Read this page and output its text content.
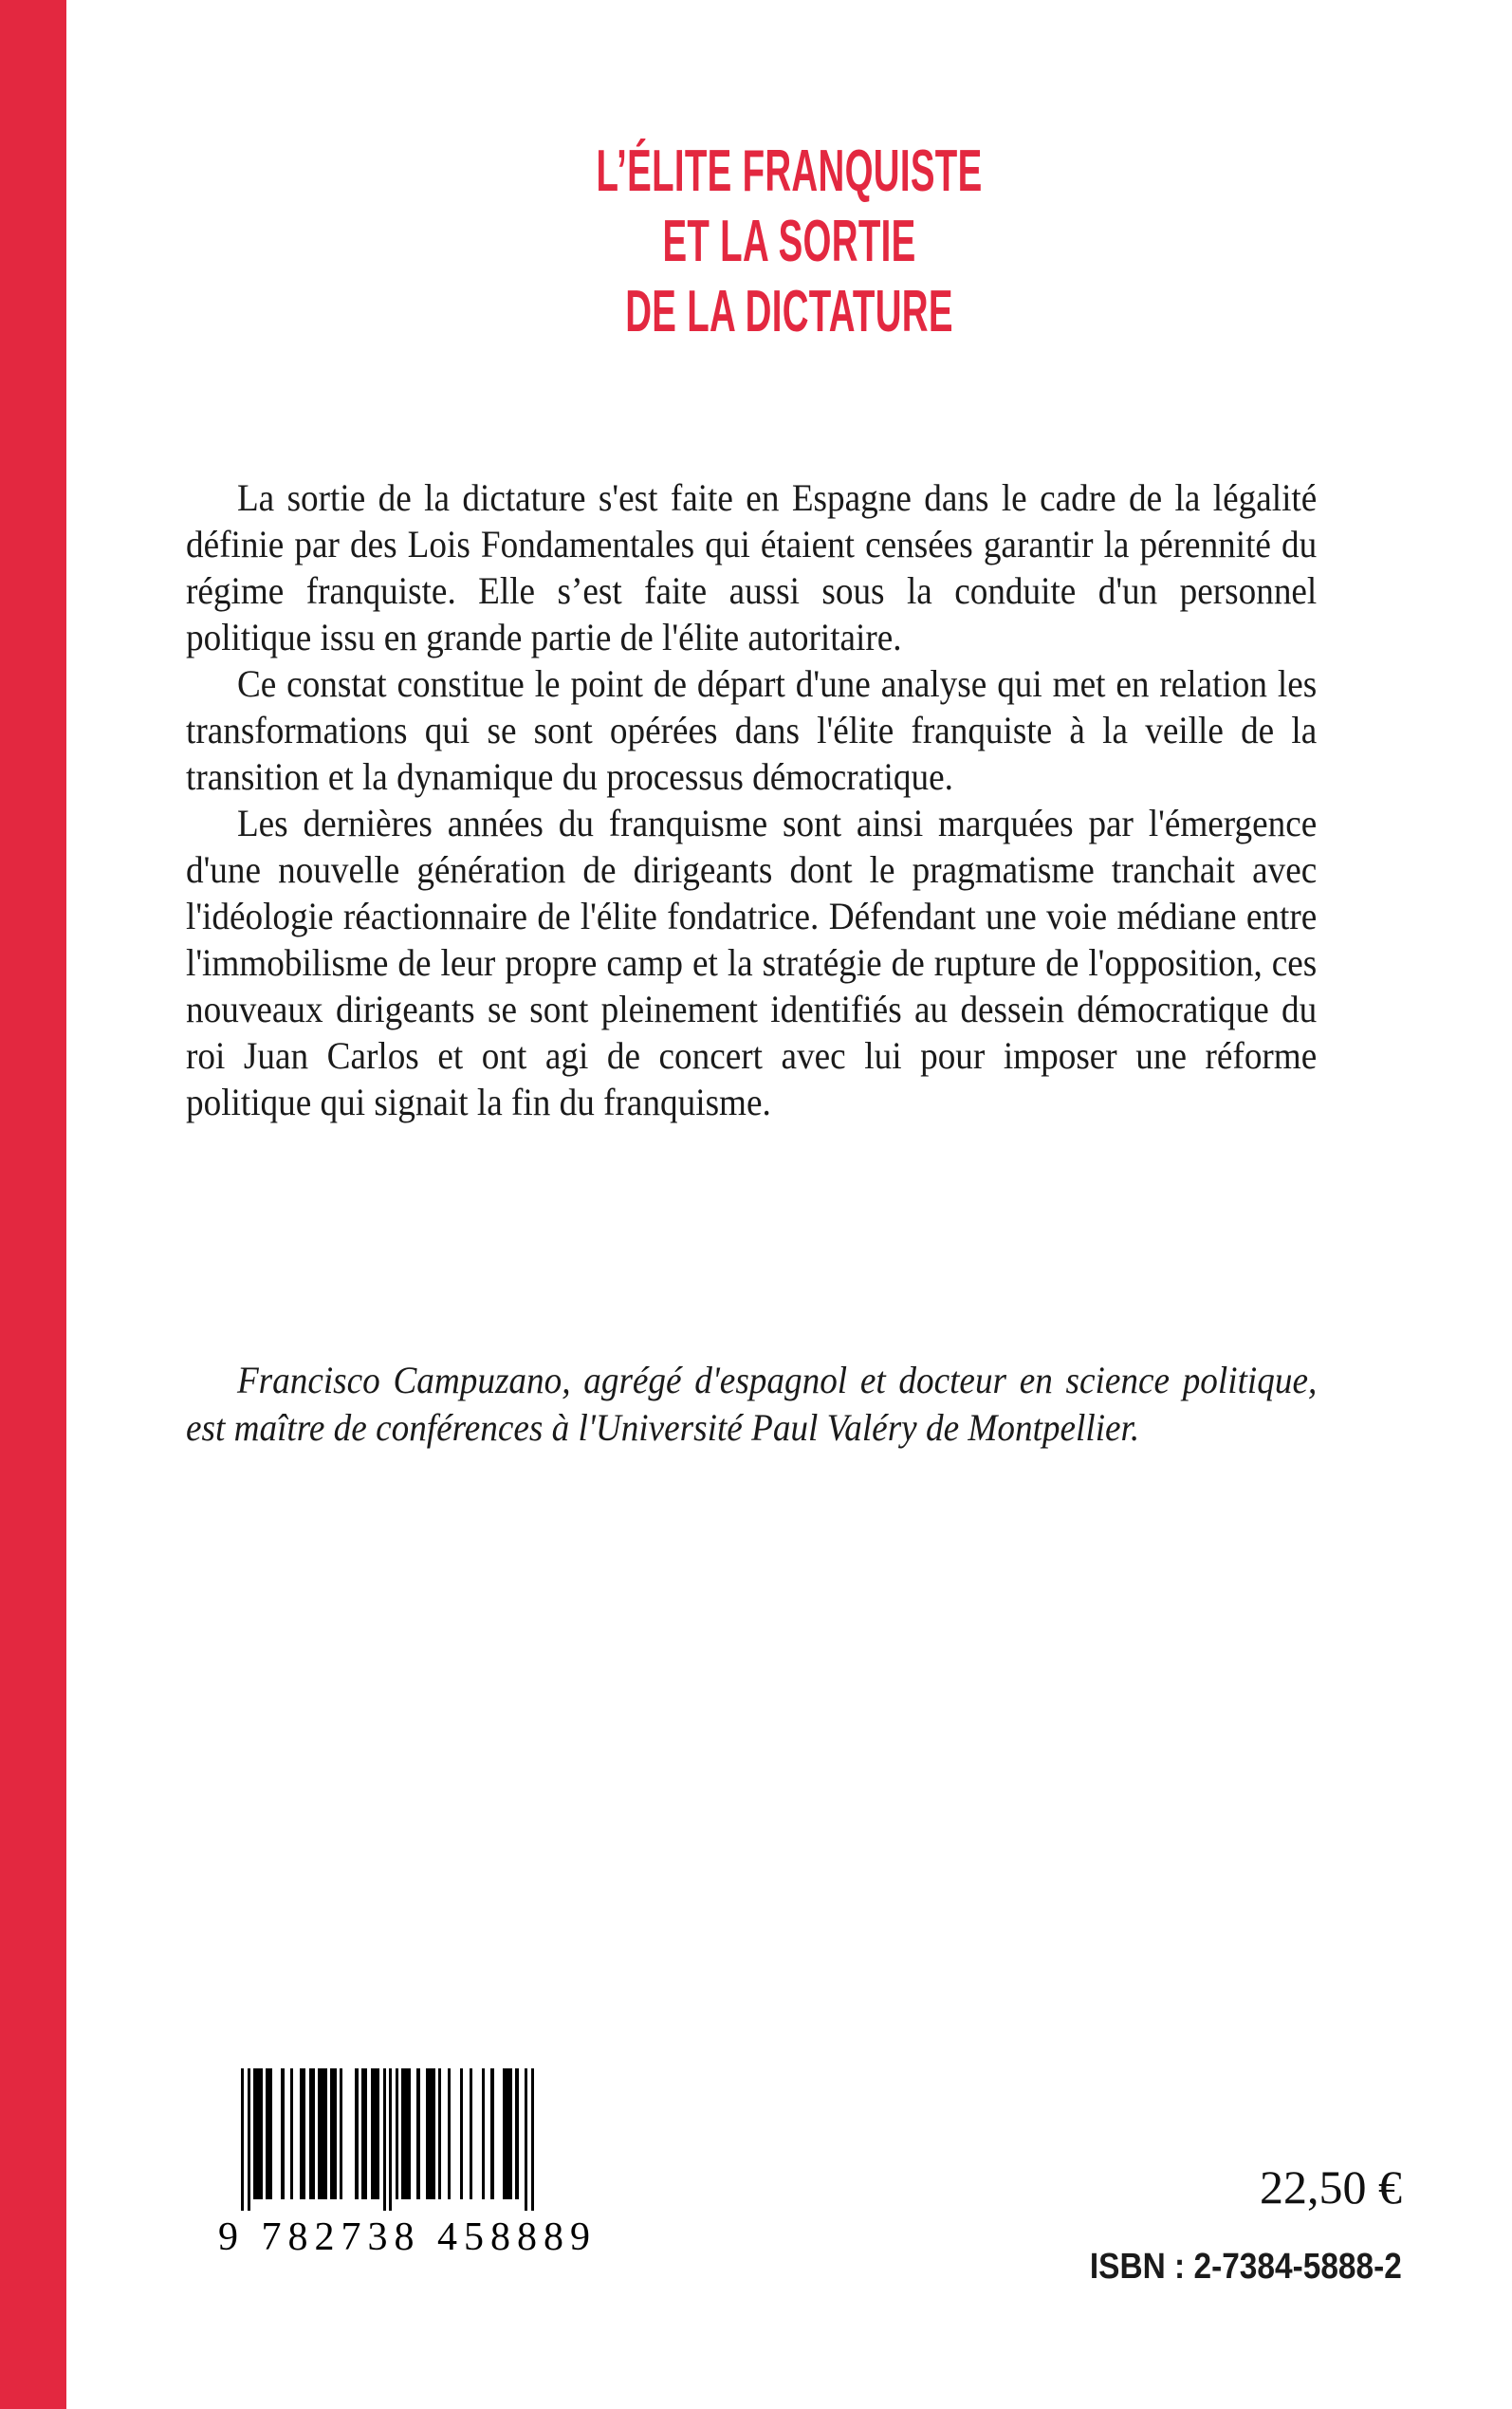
L’ÉLITE FRANQUISTE
ET LA SORTIE
DE LA DICTATURE

La sortie de la dictature s'est faite en Espagne dans le cadre de la légalité définie par des Lois Fondamentales qui étaient censées garantir la pérennité du régime franquiste. Elle s’est faite aussi sous la conduite d'un personnel politique issu en grande partie de l'élite autoritaire.

Ce constat constitue le point de départ d'une analyse qui met en relation les transformations qui se sont opérées dans l'élite franquiste à la veille de la transition et la dynamique du processus démocratique.

Les dernières années du franquisme sont ainsi marquées par l'émergence d'une nouvelle génération de dirigeants dont le pragmatisme tranchait avec l'idéologie réactionnaire de l'élite fondatrice. Défendant une voie médiane entre l'immobilisme de leur propre camp et la stratégie de rupture de l'opposition, ces nouveaux dirigeants se sont pleinement identifiés au dessein démocratique du roi Juan Carlos et ont agi de concert avec lui pour imposer une réforme politique qui signait la fin du franquisme.

Francisco Campuzano, agrégé d'espagnol et docteur en science politique, est maître de conférences à l'Université Paul Valéry de Montpellier.

9 782738 458889
22,50 €
ISBN : 2-7384-5888-2
